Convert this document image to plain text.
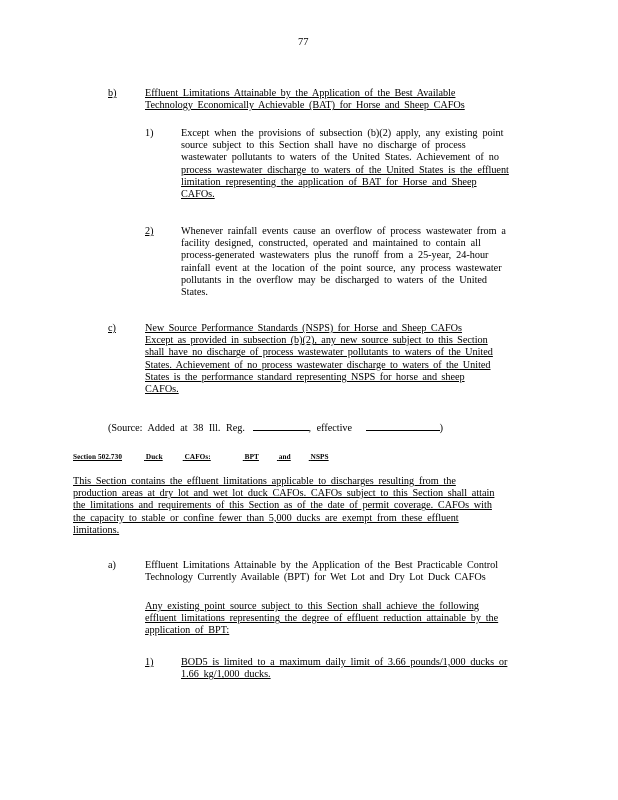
77
b)	Effluent Limitations Attainable by the Application of the Best Available
Technology Economically Achievable (BAT) for Horse and Sheep CAFOs
1)	Except when the provisions of subsection (b)(2) apply, any existing point
source subject to this Section shall have no discharge of process
wastewater pollutants to waters of the United States. Achievement of no
process wastewater discharge to waters of the United States is the effluent
limitation representing the application of BAT for Horse and Sheep
CAFOs.
2)	Whenever rainfall events cause an overflow of process wastewater from a
facility designed, constructed, operated and maintained to contain all
process-generated wastewaters plus the runoff from a 25-year, 24-hour
rainfall event at the location of the point source, any process wastewater
pollutants in the overflow may be discharged to waters of the United
States.
c)	New Source Performance Standards (NSPS) for Horse and Sheep CAFOs
Except as provided in subsection (b)(2), any new source subject to this Section
shall have no discharge of process wastewater pollutants to waters of the United
States. Achievement of no process wastewater discharge to waters of the United
States is the performance standard representing NSPS for horse and sheep
CAFOs.
(Source: Added at 38 Ill. Reg.	, effective	)
Section 502.730	Duck	CAFOs:	BPT	and	NSPS
This Section contains the effluent limitations applicable to discharges resulting from the
production areas at dry lot and wet lot duck CAFOs. CAFOs subject to this Section shall attain
the limitations and requirements of this Section as of the date of permit coverage. CAFOs with
the capacity to stable or confine fewer than 5,000 ducks are exempt from these effluent
limitations.
a)	Effluent Limitations Attainable by the Application of the Best Practicable Control
Technology Currently Available (BPT) for Wet Lot and Dry Lot Duck CAFOs
Any existing point source subject to this Section shall achieve the following
effluent limitations representing the degree of effluent reduction attainable by the
application of BPT:
1)	BOD5 is limited to a maximum daily limit of 3.66 pounds/1,000 ducks or
1.66 kg/1,000 ducks.
